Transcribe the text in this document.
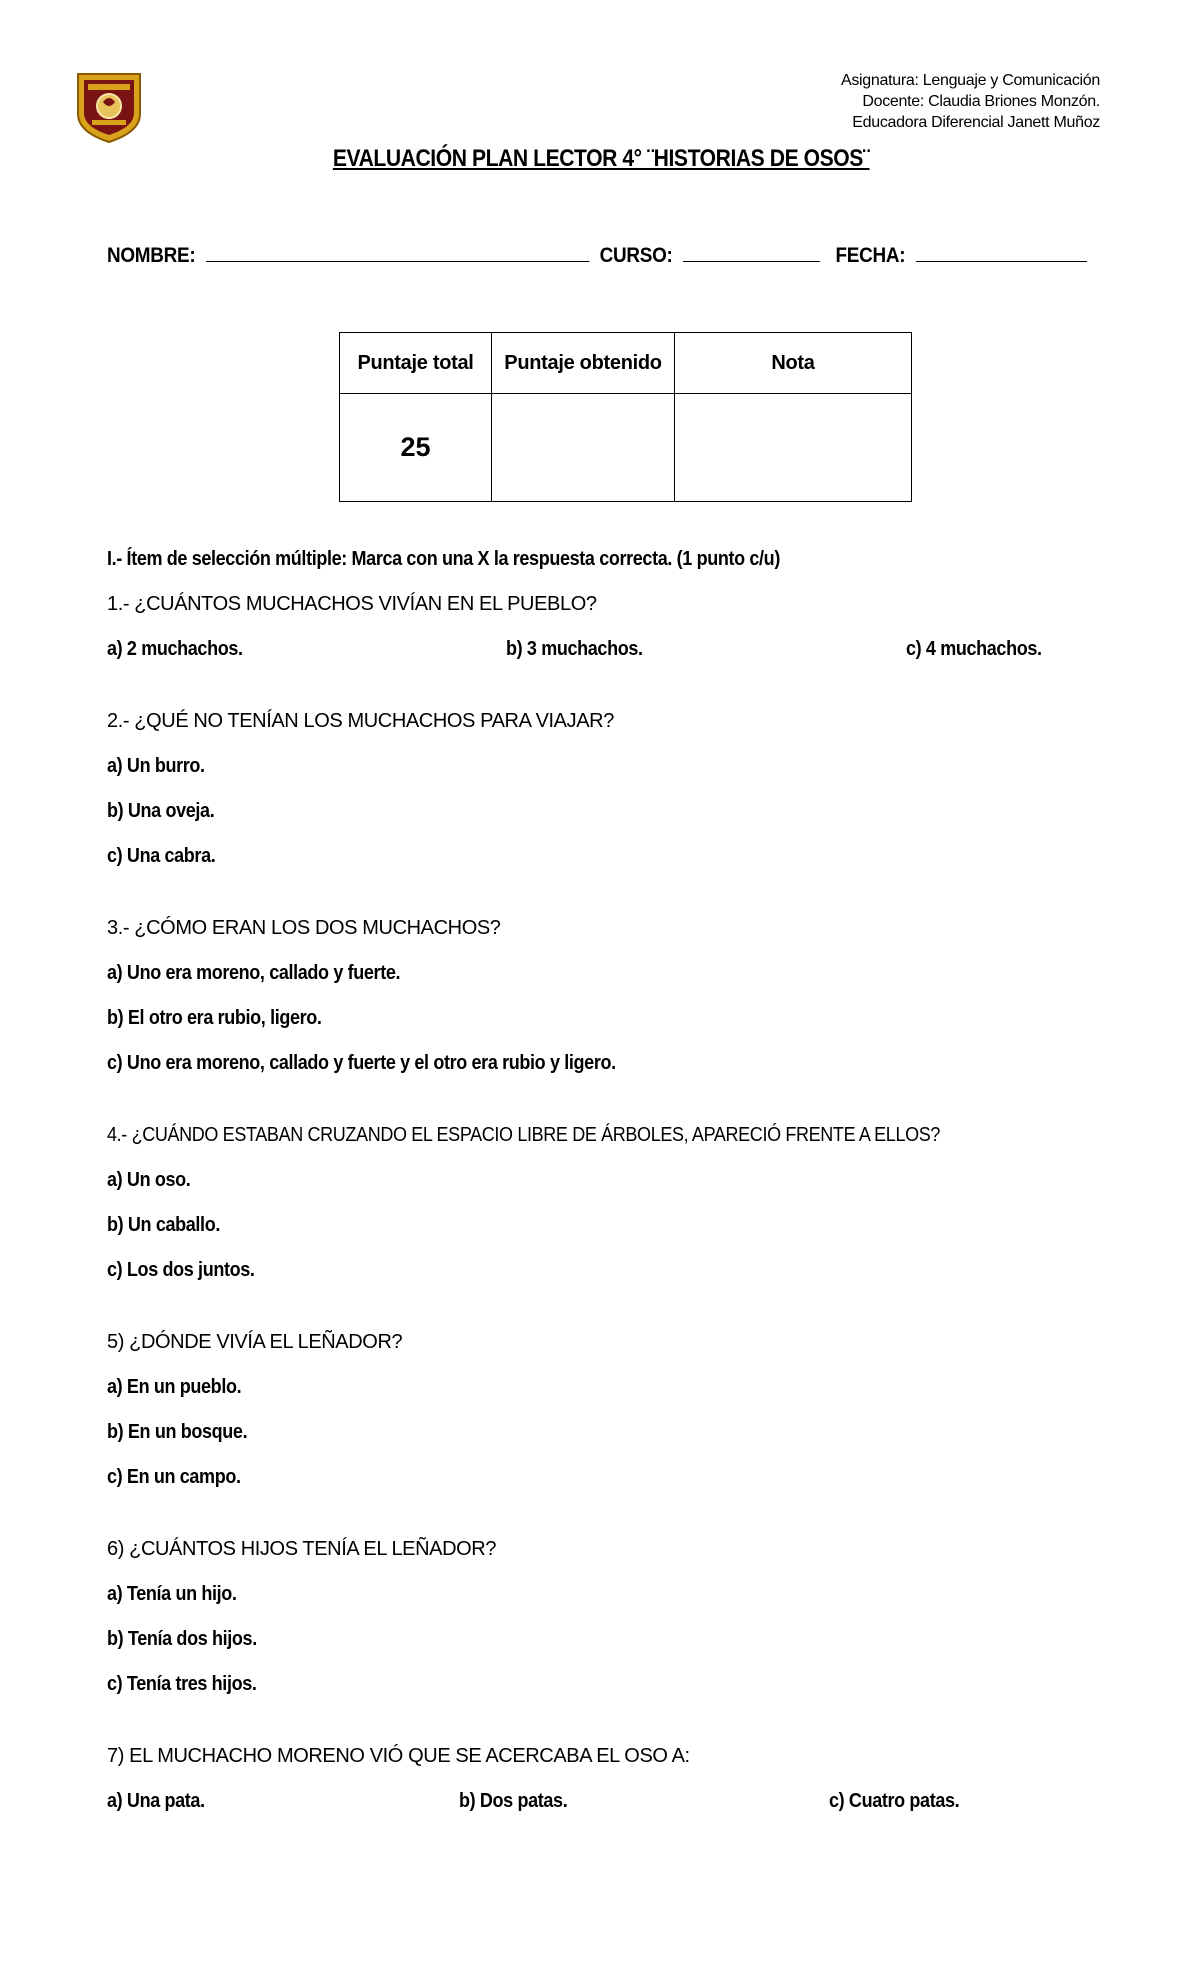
Asignatura: Lenguaje y Comunicación
Docente: Claudia Briones Monzón.
Educadora Diferencial Janett Muñoz
EVALUACIÓN PLAN LECTOR 4° ¨HISTORIAS DE OSOS¨
NOMBRE:	CURSO:	FECHA:
Puntaje total	Puntaje obtenido	Nota
25		
I.- Ítem de selección múltiple: Marca con una X la respuesta correcta. (1 punto c/u)
1.- ¿CUÁNTOS MUCHACHOS VIVÍAN EN EL PUEBLO?
a) 2 muchachos.	b) 3 muchachos.	c) 4 muchachos.
2.- ¿QUÉ NO TENÍAN LOS MUCHACHOS PARA VIAJAR?
a) Un burro.
b) Una oveja.
c) Una cabra.
3.- ¿CÓMO ERAN LOS DOS MUCHACHOS?
a) Uno era moreno, callado y fuerte.
b) El otro era rubio, ligero.
c) Uno era moreno, callado y fuerte y el otro era rubio y ligero.
4.- ¿CUÁNDO ESTABAN CRUZANDO EL ESPACIO LIBRE DE ÁRBOLES, APARECIÓ FRENTE A ELLOS?
a) Un oso.
b) Un caballo.
c) Los dos juntos.
5) ¿DÓNDE VIVÍA EL LEÑADOR?
a) En un pueblo.
b) En un bosque.
c) En un campo.
6) ¿CUÁNTOS HIJOS TENÍA EL LEÑADOR?
a) Tenía un hijo.
b) Tenía dos hijos.
c) Tenía tres hijos.
7) EL MUCHACHO MORENO VIÓ QUE SE ACERCABA EL OSO A:
a) Una pata.	b) Dos patas.	c) Cuatro patas.
